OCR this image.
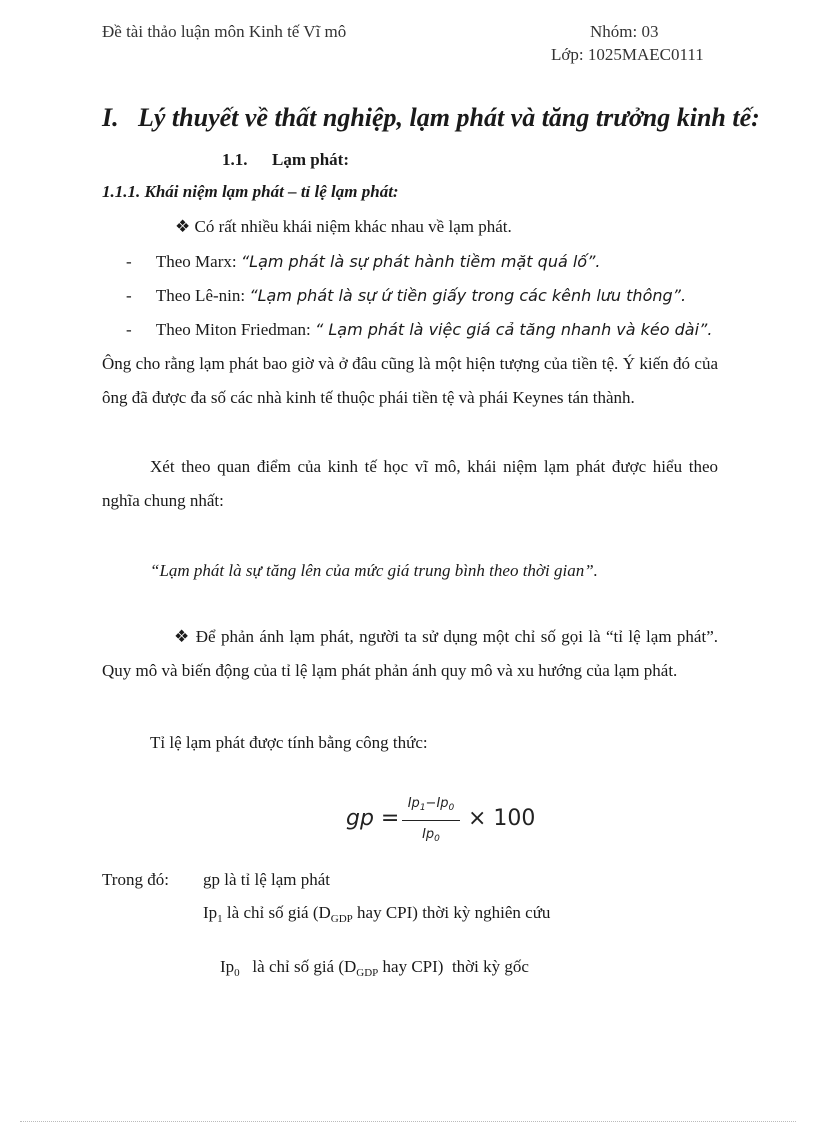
Đề tài thảo luận môn Kinh tế Vĩ mô	Nhóm: 03
Lớp: 1025MAEC0111
I. Lý thuyết về thất nghiệp, lạm phát và tăng trưởng kinh tế:
1.1. Lạm phát:
1.1.1. Khái niệm lạm phát – tỉ lệ lạm phát:
❖ Có rất nhiều khái niệm khác nhau về lạm phát.
- Theo Marx: “Lạm phát là sự phát hành tiềm mặt quá lố”.
- Theo Lê-nin: “Lạm phát là sự ứ tiền giấy trong các kênh lưu thông”.
- Theo Miton Friedman: “ Lạm phát là việc giá cả tăng nhanh và kéo dài”.
Ông cho rằng lạm phát bao giờ và ở đâu cũng là một hiện tượng của tiền tệ. Ý kiến đó của ông đã được đa số các nhà kinh tế thuộc phái tiền tệ và phái Keynes tán thành.
Xét theo quan điểm của kinh tế học vĩ mô, khái niệm lạm phát được hiểu theo nghĩa chung nhất:
“Lạm phát là sự tăng lên của mức giá trung bình theo thời gian”.
❖ Để phản ánh lạm phát, người ta sử dụng một chỉ số gọi là “tỉ lệ lạm phát”. Quy mô và biến động của tỉ lệ lạm phát phản ánh quy mô và xu hướng của lạm phát.
Tỉ lệ lạm phát được tính bằng công thức:
gp =
$Ip_1-Ip_0$
$Ip_0$
× 100
Trong đó: gp là tỉ lệ lạm phát
$Ip_1$ là chỉ số giá ($D_{GDP}$ hay CPI) thời kỳ nghiên cứu

$Ip_0$   là chỉ số giá ($D_{GDP}$ hay CPI)  thời kỳ gốc
